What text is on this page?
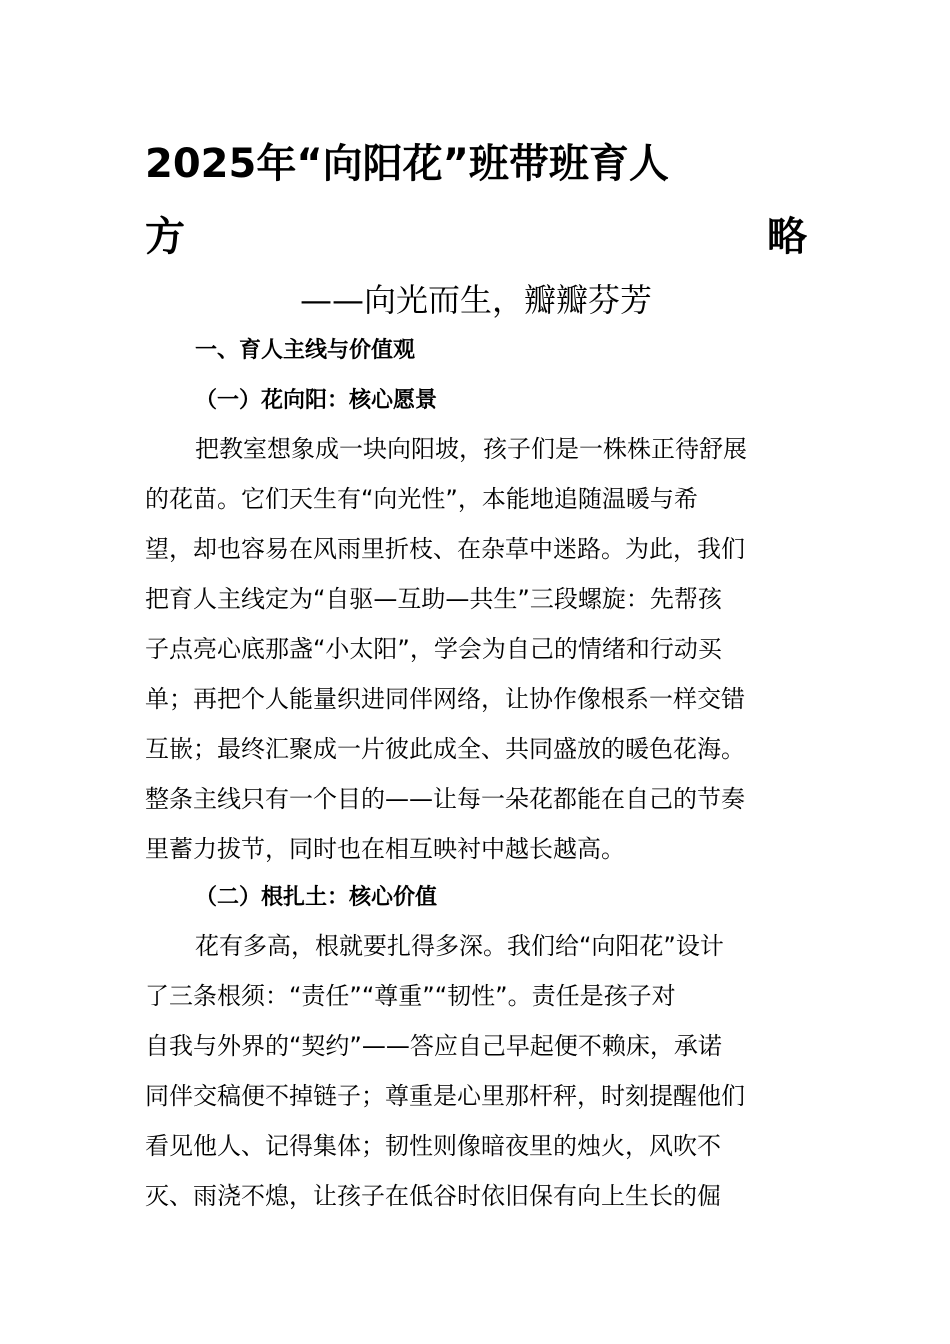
2025年“向阳花”班带班育人
方	略
——向光而生，瓣瓣芬芳
一、育人主线与价值观
（一）花向阳：核心愿景
把教室想象成一块向阳坡，孩子们是一株株正待舒展
的花苗。它们天生有“向光性”，本能地追随温暖与希
望，却也容易在风雨里折枝、在杂草中迷路。为此，我们
把育人主线定为“自驱—互助—共生”三段螺旋：先帮孩
子点亮心底那盏“小太阳”，学会为自己的情绪和行动买
单；再把个人能量织进同伴网络，让协作像根系一样交错
互嵌；最终汇聚成一片彼此成全、共同盛放的暖色花海。
整条主线只有一个目的——让每一朵花都能在自己的节奏
里蓄力拔节，同时也在相互映衬中越长越高。
（二）根扎土：核心价值
花有多高，根就要扎得多深。我们给“向阳花”设计
了三条根须：“责任”“尊重”“韧性”。责任是孩子对
自我与外界的“契约”——答应自己早起便不赖床，承诺
同伴交稿便不掉链子；尊重是心里那杆秤，时刻提醒他们
看见他人、记得集体；韧性则像暗夜里的烛火，风吹不
灭、雨浇不熄，让孩子在低谷时依旧保有向上生长的倔
